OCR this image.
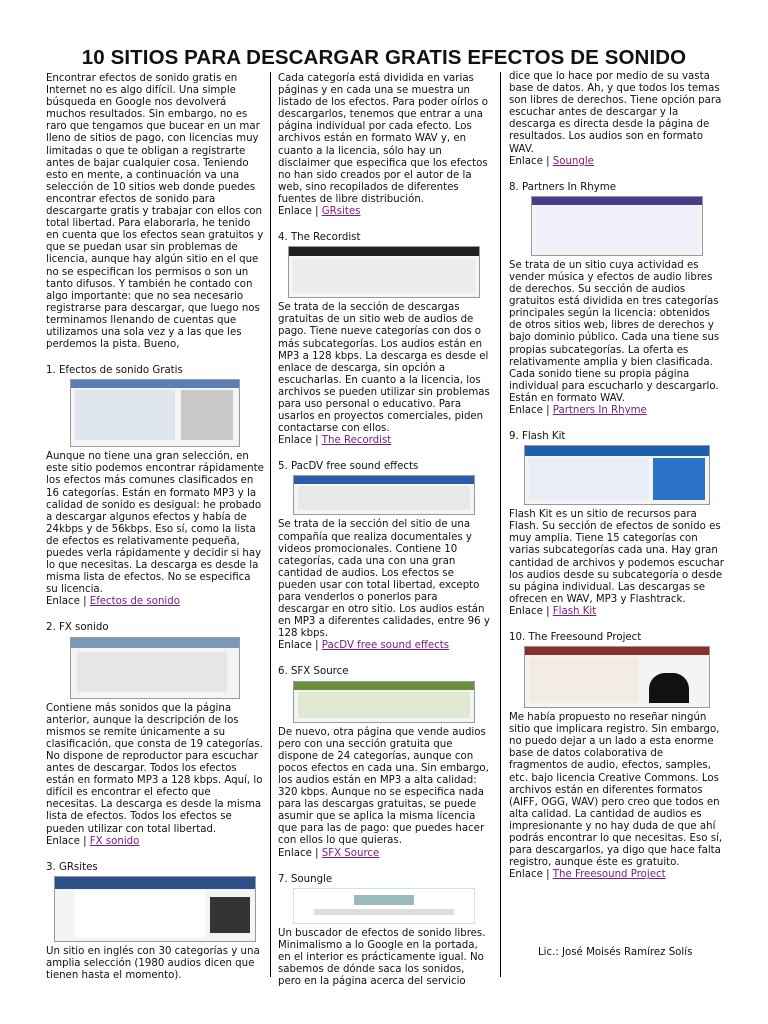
10 SITIOS PARA DESCARGAR GRATIS EFECTOS DE SONIDO

Encontrar efectos de sonido gratis en Internet no es algo difícil. Una simple búsqueda en Google nos devolverá muchos resultados. Sin embargo, no es raro que tengamos que bucear en un mar lleno de sitios de pago, con licencias muy limitadas o que te obligan a registrarte antes de bajar cualquier cosa. Teniendo esto en mente, a continuación va una selección de 10 sitios web donde puedes encontrar efectos de sonido para descargarte gratis y trabajar con ellos con total libertad. Para elaborarla, he tenido en cuenta que los efectos sean gratuitos y que se puedan usar sin problemas de licencia, aunque hay algún sitio en el que no se especifican los permisos o son un tanto difusos. Y también he contado con algo importante: que no sea necesario registrarse para descargar, que luego nos terminamos llenando de cuentas que utilizamos una sola vez y a las que les perdemos la pista. Bueno,

1. Efectos de sonido Gratis

Aunque no tiene una gran selección, en este sitio podemos encontrar rápidamente los efectos más comunes clasificados en 16 categorías. Están en formato MP3 y la calidad de sonido es desigual: he probado a descargar algunos efectos y había de 24kbps y de 56kbps. Eso sí, como la lista de efectos es relativamente pequeña, puedes verla rápidamente y decidir si hay lo que necesitas. La descarga es desde la misma lista de efectos. No se especifica su licencia.

Enlace | Efectos de sonido

2. FX sonido

Contiene más sonidos que la página anterior, aunque la descripción de los mismos se remite únicamente a su clasificación, que consta de 19 categorías. No dispone de reproductor para escuchar antes de descargar. Todos los efectos están en formato MP3 a 128 kbps. Aquí, lo difícil es encontrar el efecto que necesitas. La descarga es desde la misma lista de efectos. Todos los efectos se pueden utilizar con total libertad.

Enlace | FX sonido

3. GRsites

Un sitio en inglés con 30 categorías y una amplia selección (1980 audios dicen que tienen hasta el momento).

Cada categoría está dividida en varias páginas y en cada una se muestra un listado de los efectos. Para poder oírlos o descargarlos, tenemos que entrar a una página individual por cada efecto. Los archivos están en formato WAV y, en cuanto a la licencia, sólo hay un disclaimer que especifica que los efectos no han sido creados por el autor de la web, sino recopilados de diferentes fuentes de libre distribución.

Enlace | GRsites

4. The Recordist

Se trata de la sección de descargas gratuitas de un sitio web de audios de pago. Tiene nueve categorías con dos o más subcategorías. Los audios están en MP3 a 128 kbps. La descarga es desde el enlace de descarga, sin opción a escucharlas. En cuanto a la licencia, los archivos se pueden utilizar sin problemas para uso personal o educativo. Para usarlos en proyectos comerciales, piden contactarse con ellos.

Enlace | The Recordist

5. PacDV free sound effects

Se trata de la sección del sitio de una compañía que realiza documentales y videos promocionales. Contiene 10 categorías, cada una con una gran cantidad de audios. Los efectos se pueden usar con total libertad, excepto para venderlos o ponerlos para descargar en otro sitio. Los audios están en MP3 a diferentes calidades, entre 96 y 128 kbps.

Enlace | PacDV free sound effects

6. SFX Source

De nuevo, otra página que vende audios pero con una sección gratuita que dispone de 24 categorías, aunque con pocos efectos en cada una. Sin embargo, los audios están en MP3 a alta calidad: 320 kbps. Aunque no se especifica nada para las descargas gratuitas, se puede asumir que se aplica la misma licencia que para las de pago: que puedes hacer con ellos lo que quieras.

Enlace | SFX Source

7. Soungle

Un buscador de efectos de sonido libres. Minimalismo a lo Google en la portada, en el interior es prácticamente igual. No sabemos de dónde saca los sonidos, pero en la página acerca del servicio

dice que lo hace por medio de su vasta base de datos. Ah, y que todos los temas son libres de derechos. Tiene opción para escuchar antes de descargar y la descarga es directa desde la página de resultados. Los audios son en formato WAV.

Enlace | Soungle

8. Partners In Rhyme

Se trata de un sitio cuya actividad es vender música y efectos de audio libres de derechos. Su sección de audios gratuitos está dividida en tres categorías principales según la licencia: obtenidos de otros sitios web, libres de derechos y bajo dominio público. Cada una tiene sus propias subcategorías. La oferta es relativamente amplia y bien clasificada. Cada sonido tiene su propia página individual para escucharlo y descargarlo. Están en formato WAV.

Enlace | Partners In Rhyme

9. Flash Kit

Flash Kit es un sitio de recursos para Flash. Su sección de efectos de sonido es muy amplia. Tiene 15 categorías con varias subcategorías cada una. Hay gran cantidad de archivos y podemos escuchar los audios desde su subcategoría o desde su página individual. Las descargas se ofrecen en WAV, MP3 y Flashtrack.

Enlace | Flash Kit

10. The Freesound Project

Me había propuesto no reseñar ningún sitio que implicara registro. Sin embargo, no puedo dejar a un lado a esta enorme base de datos colaborativa de fragmentos de audio, efectos, samples, etc. bajo licencia Creative Commons. Los archivos están en diferentes formatos (AIFF, OGG, WAV) pero creo que todos en alta calidad. La cantidad de audios es impresionante y no hay duda de que ahí podrás encontrar lo que necesitas. Eso sí, para descargarlos, ya digo que hace falta registro, aunque éste es gratuito.

Enlace | The Freesound Project

Lic.: José Moisés Ramírez Solís
